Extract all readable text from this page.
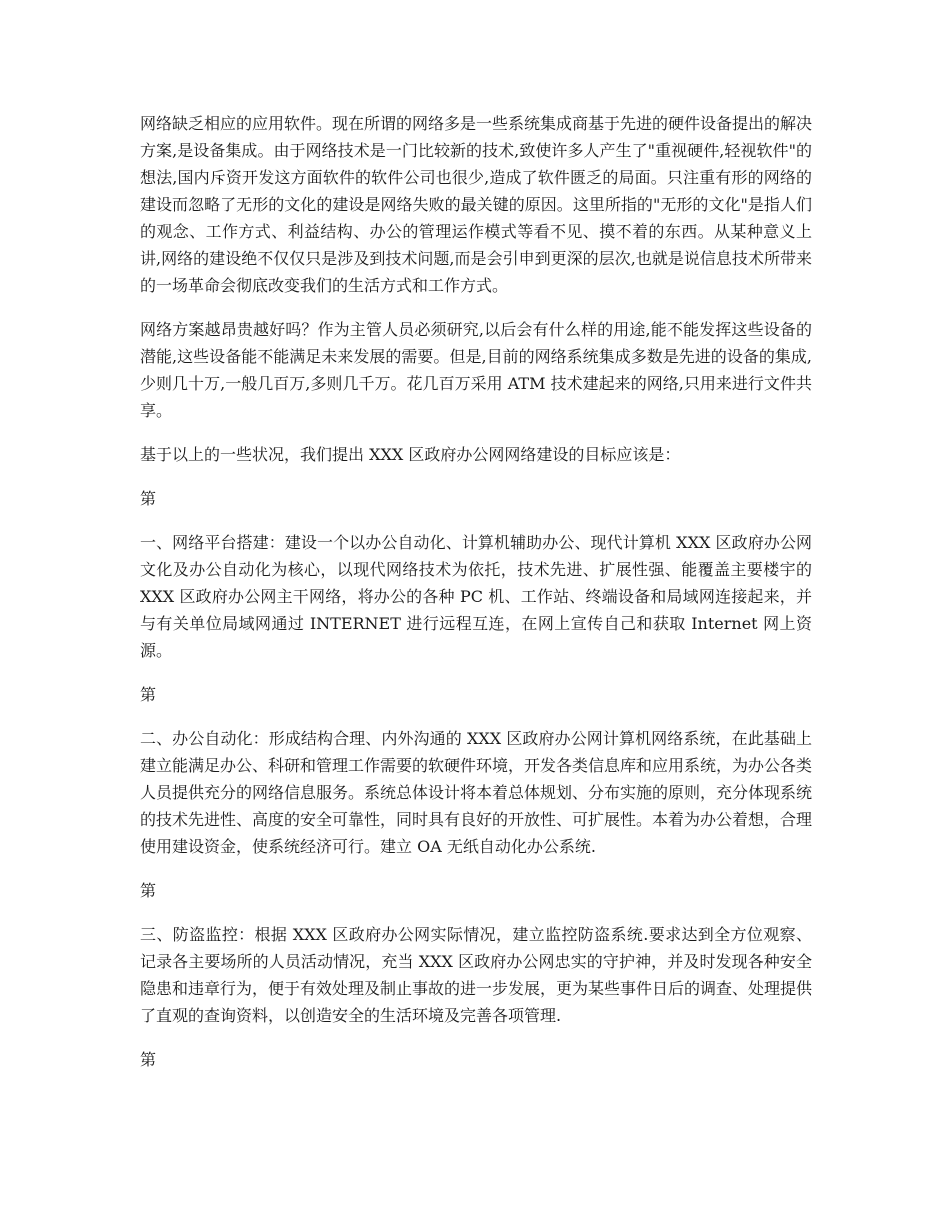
网络缺乏相应的应用软件。现在所谓的网络多是一些系统集成商基于先进的硬件设备提出的解决方案,是设备集成。由于网络技术是一门比较新的技术,致使许多人产生了"重视硬件,轻视软件"的想法,国内斥资开发这方面软件的软件公司也很少,造成了软件匮乏的局面。只注重有形的网络的建设而忽略了无形的文化的建设是网络失败的最关键的原因。这里所指的"无形的文化"是指人们的观念、工作方式、利益结构、办公的管理运作模式等看不见、摸不着的东西。从某种意义上讲,网络的建设绝不仅仅只是涉及到技术问题,而是会引申到更深的层次,也就是说信息技术所带来的一场革命会彻底改变我们的生活方式和工作方式。

网络方案越昂贵越好吗？作为主管人员必须研究,以后会有什么样的用途,能不能发挥这些设备的潜能,这些设备能不能满足未来发展的需要。但是,目前的网络系统集成多数是先进的设备的集成,少则几十万,一般几百万,多则几千万。花几百万采用 ATM 技术建起来的网络,只用来进行文件共享。

基于以上的一些状况，我们提出 XXX 区政府办公网网络建设的目标应该是：

第

一、网络平台搭建：建设一个以办公自动化、计算机辅助办公、现代计算机 XXX 区政府办公网文化及办公自动化为核心，以现代网络技术为依托，技术先进、扩展性强、能覆盖主要楼宇的 XXX 区政府办公网主干网络，将办公的各种 PC 机、工作站、终端设备和局域网连接起来，并与有关单位局域网通过 INTERNET 进行远程互连，在网上宣传自己和获取 Internet 网上资源。

第

二、办公自动化：形成结构合理、内外沟通的 XXX 区政府办公网计算机网络系统，在此基础上建立能满足办公、科研和管理工作需要的软硬件环境，开发各类信息库和应用系统，为办公各类人员提供充分的网络信息服务。系统总体设计将本着总体规划、分布实施的原则，充分体现系统的技术先进性、高度的安全可靠性，同时具有良好的开放性、可扩展性。本着为办公着想，合理使用建设资金，使系统经济可行。建立 OA 无纸自动化办公系统.

第

三、防盗监控：根据 XXX 区政府办公网实际情况，建立监控防盗系统.要求达到全方位观察、记录各主要场所的人员活动情况，充当 XXX 区政府办公网忠实的守护神，并及时发现各种安全隐患和违章行为，便于有效处理及制止事故的进一步发展，更为某些事件日后的调查、处理提供了直观的查询资料，以创造安全的生活环境及完善各项管理.

第
